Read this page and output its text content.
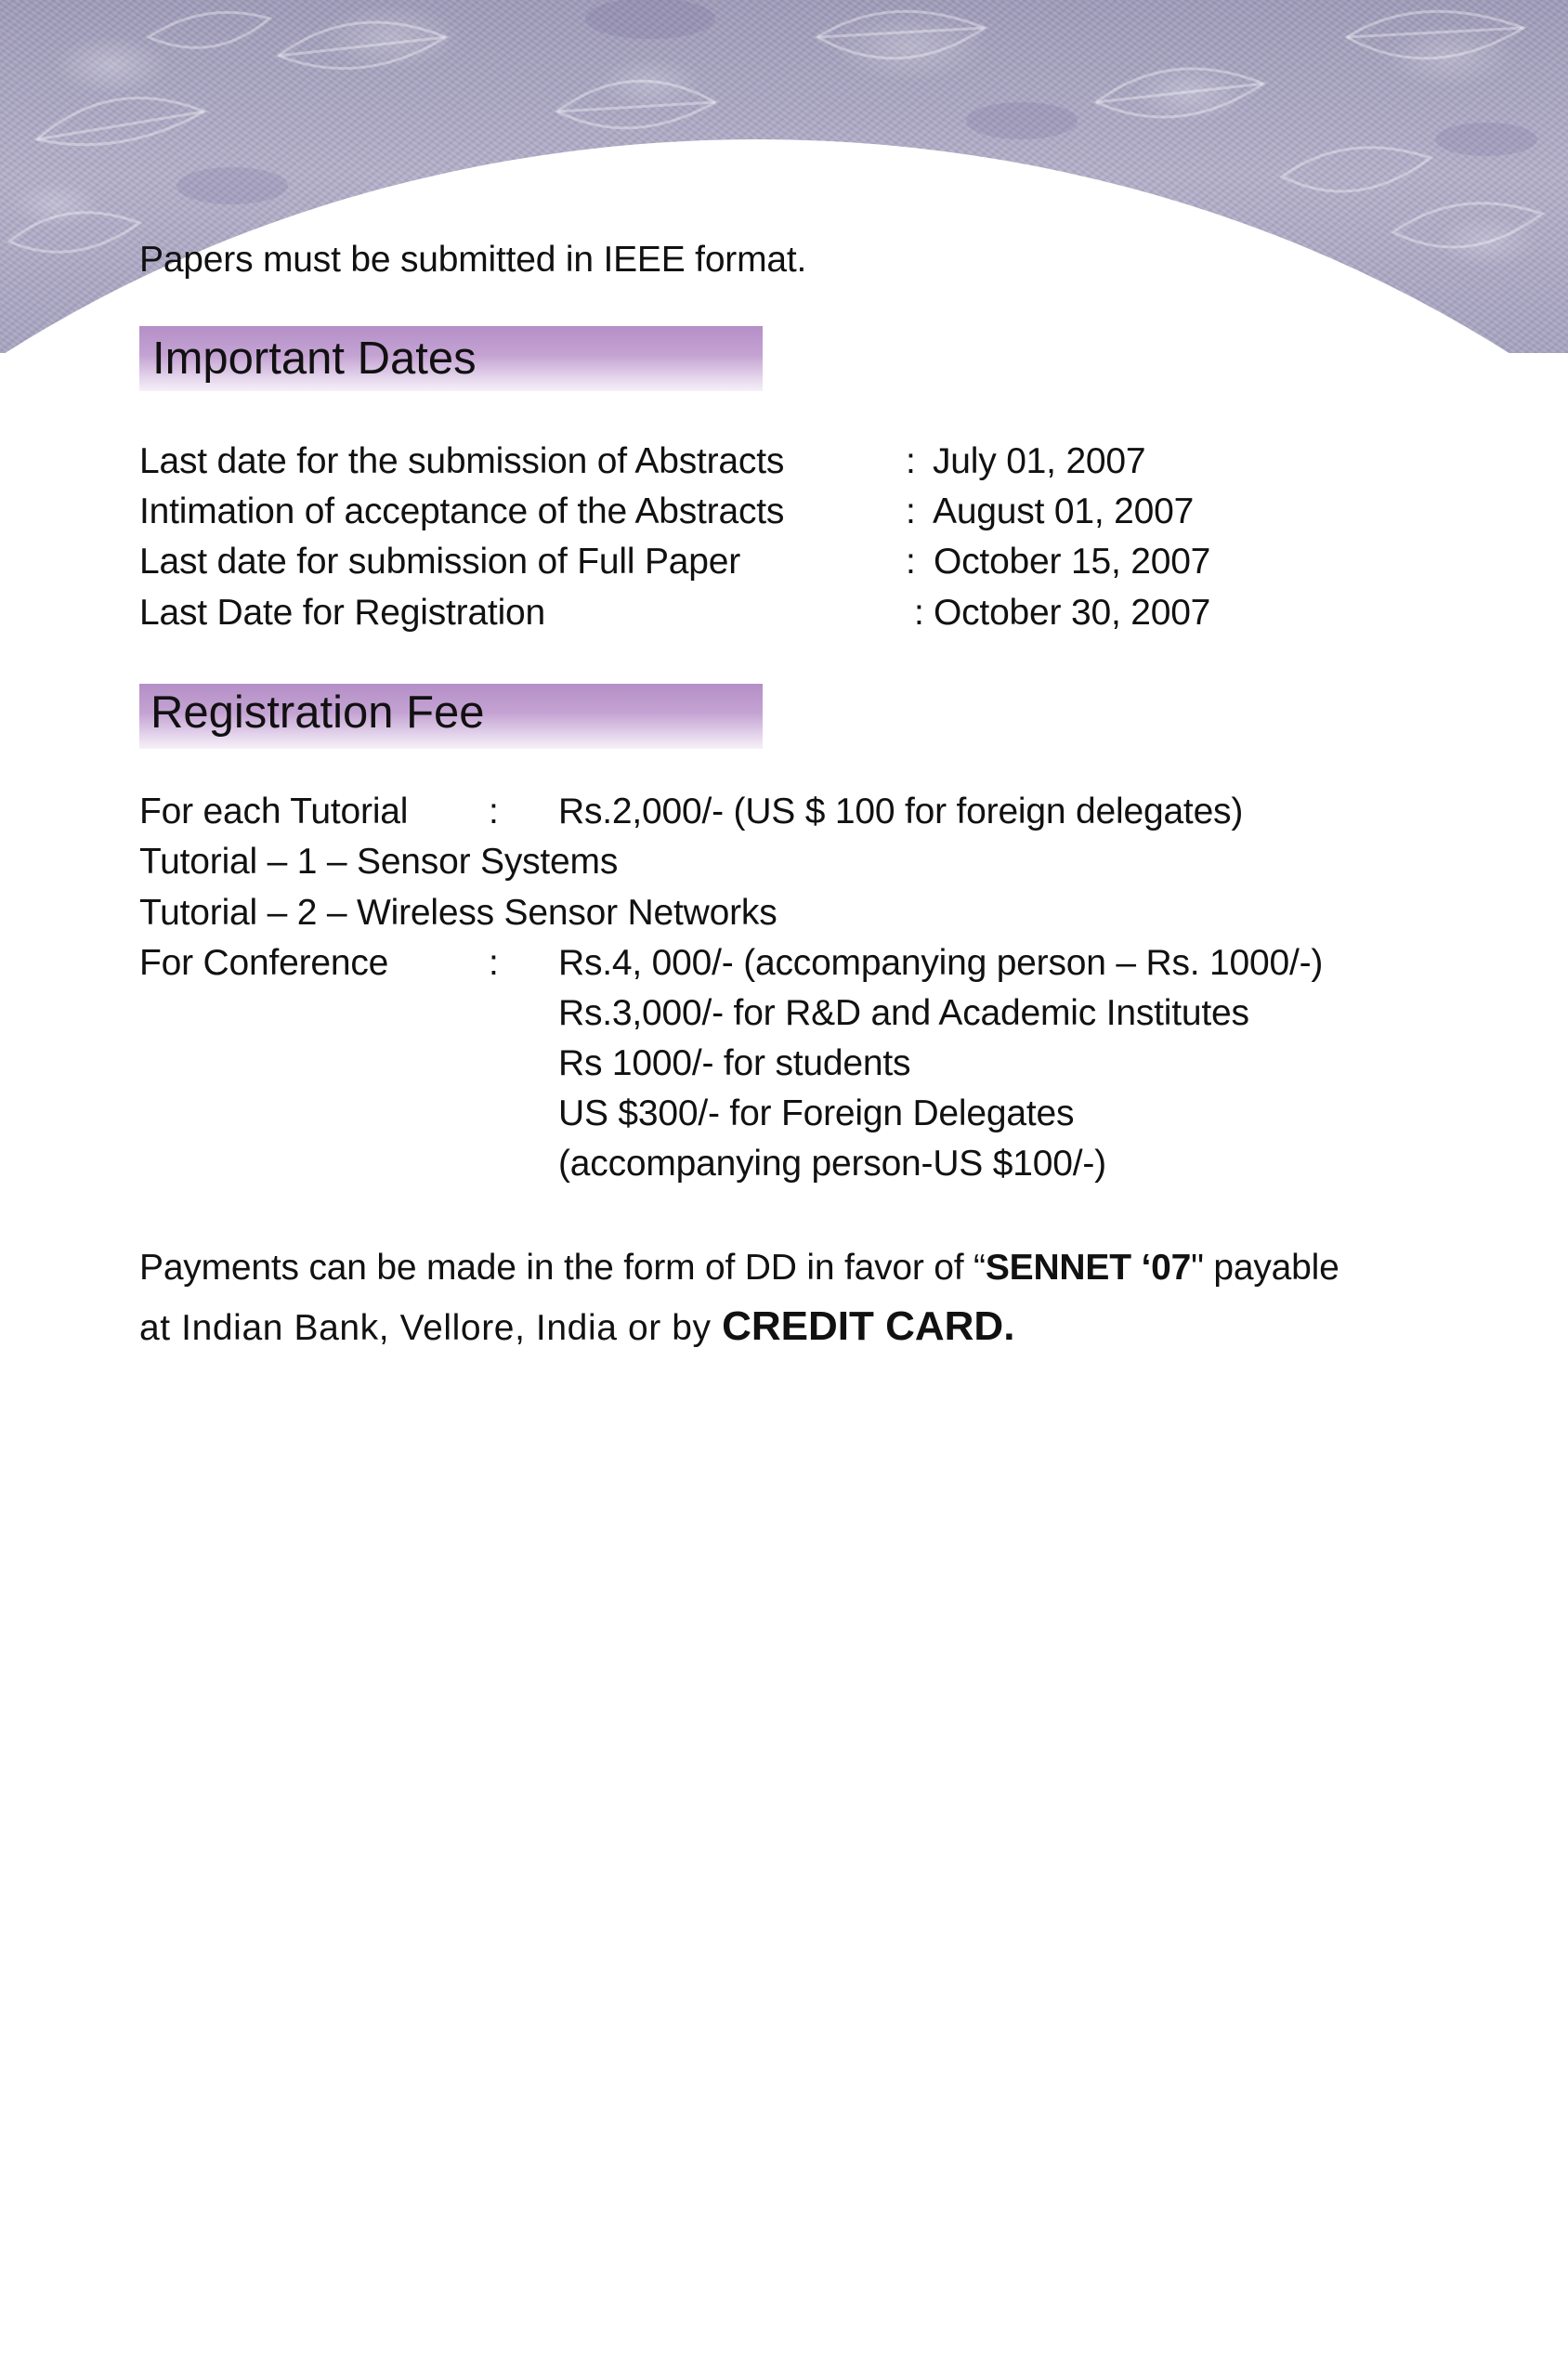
Papers must be submitted in IEEE format.
Important Dates
Last date for the submission of Abstracts	: July 01, 2007
Intimation of acceptance of the Abstracts	: August 01, 2007
Last date for submission of Full Paper	: October 15, 2007
Last Date for Registration	: October 30, 2007
Registration Fee
For each Tutorial : Rs.2,000/- (US $ 100 for foreign delegates)
Tutorial – 1 – Sensor Systems
Tutorial – 2 – Wireless Sensor Networks
For Conference	: Rs.4, 000/- (accompanying person – Rs. 1000/-)
Rs.3,000/- for R&D and Academic Institutes
Rs 1000/- for students
US $300/- for Foreign Delegates
(accompanying person-US $100/-)
Payments can be made in the form of DD in favor of “SENNET ‘07" payable
at Indian Bank, Vellore, India or by CREDIT CARD.
